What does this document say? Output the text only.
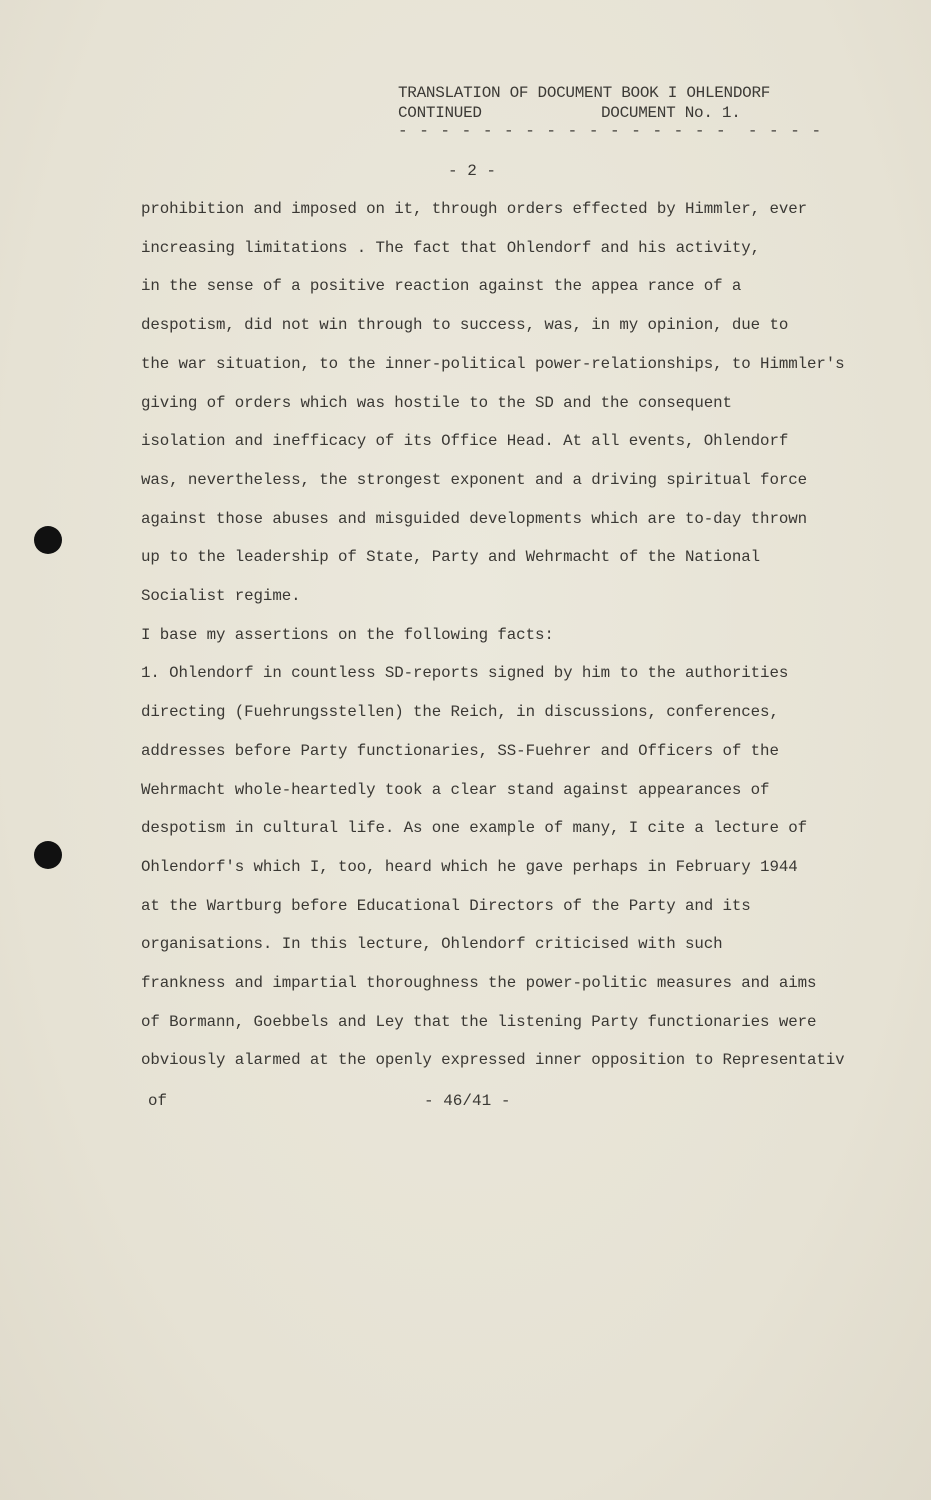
TRANSLATION OF DOCUMENT BOOK I OHLENDORF
CONTINUED	DOCUMENT No. 1.
- - - - - - - - - - - - - - - -  - - - -
- 2 -
prohibition and imposed on it, through orders effected by Himmler, ever
increasing limitations . The fact that Ohlendorf and his activity,
in the sense of a positive reaction against the appea rance of a
despotism, did not win through to success, was, in my opinion, due to
the war situation, to the inner-political power-relationships, to Himmler's
giving of orders which was hostile to the SD and the consequent
isolation and inefficacy of its Office Head. At all events, Ohlendorf
was, nevertheless, the strongest exponent and a driving spiritual force
against those abuses and misguided developments which are to-day thrown
up to the leadership of State, Party and Wehrmacht of the National
Socialist regime.
I base my assertions on the following facts:
1. Ohlendorf in countless SD-reports signed by him to the authorities
directing (Fuehrungsstellen) the Reich, in discussions, conferences,
addresses before Party functionaries, SS-Fuehrer and Officers of the
Wehrmacht whole-heartedly took a clear stand against appearances of
despotism in cultural life. As one example of many, I cite a lecture of
Ohlendorf's which I, too, heard which he gave perhaps in February 1944
at the Wartburg before Educational Directors of the Party and its
organisations. In this lecture, Ohlendorf criticised with such
frankness and impartial thoroughness the power-politic measures and aims
of Bormann, Goebbels and Ley that the listening Party functionaries were
obviously alarmed at the openly expressed inner opposition to Representativ
of	- 46/41 -
